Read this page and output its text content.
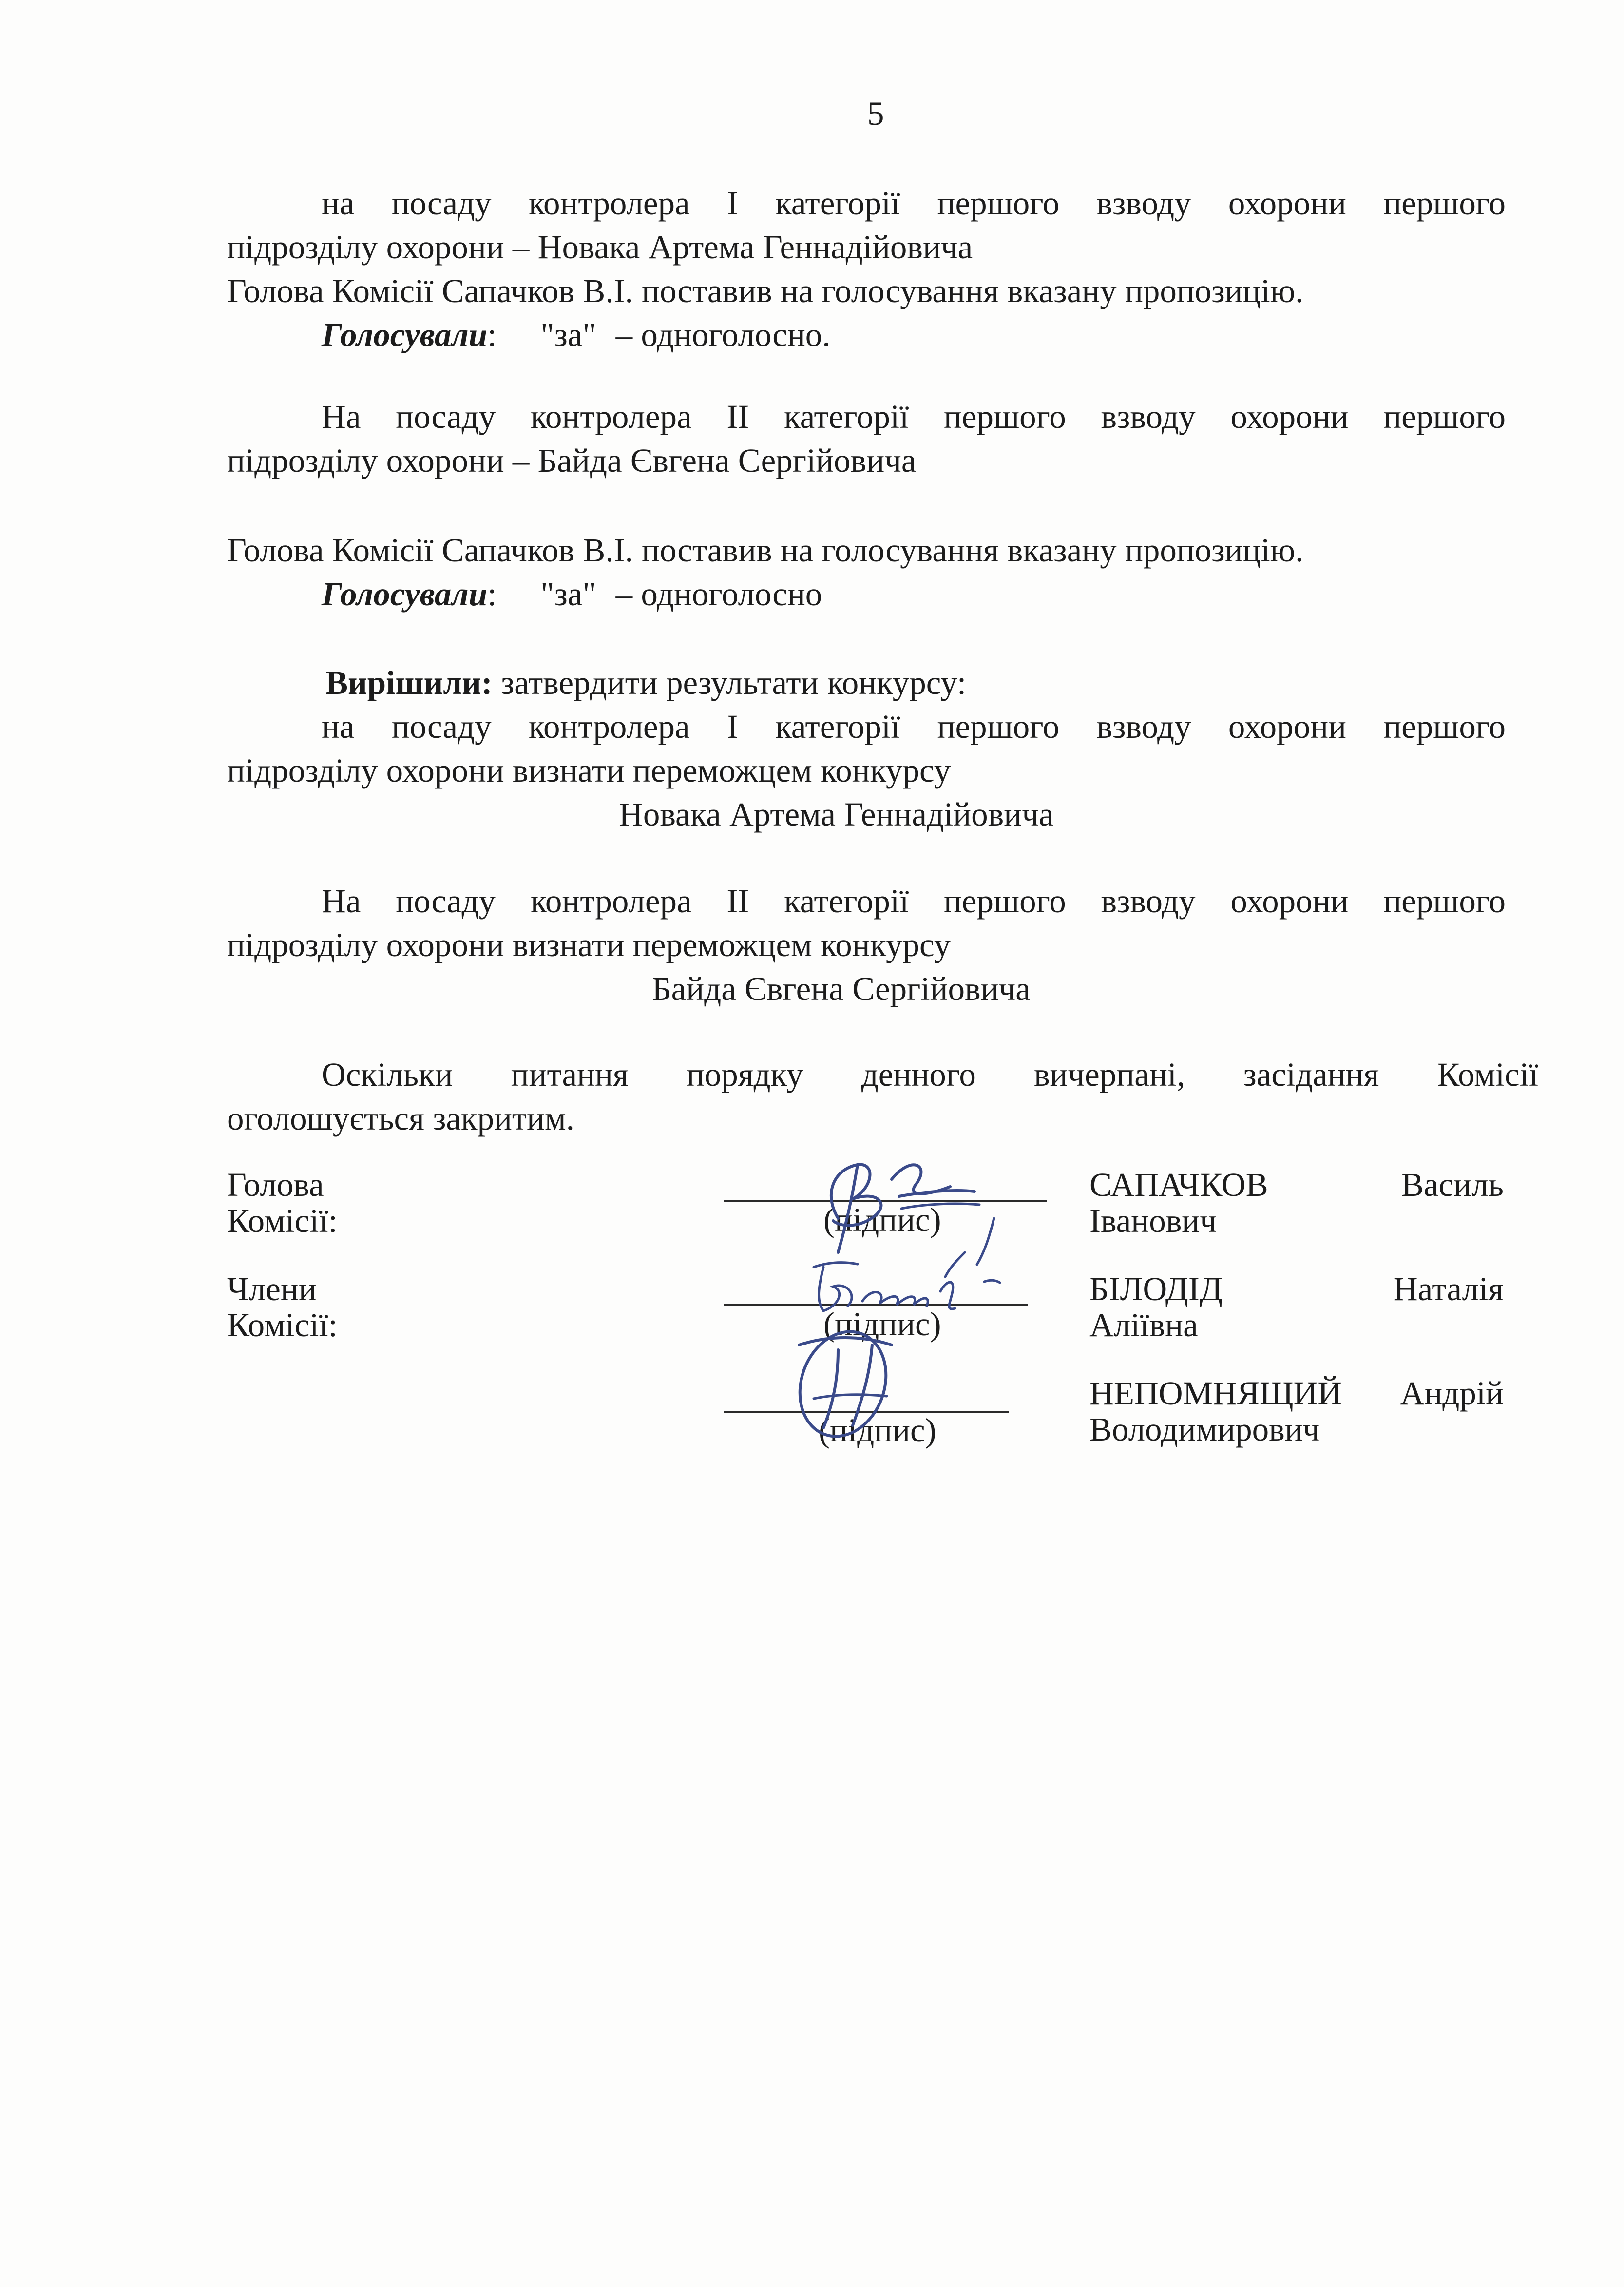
5
на посаду контролера І категорії першого взводу охорони першого
підрозділу охорони – Новака Артема Геннадійовича
Голова Комісії Сапачков В.І. поставив на голосування вказану пропозицію.
Голосували: "за" – одноголосно.
На посаду контролера ІІ категорії першого взводу охорони першого
підрозділу охорони – Байда Євгена Сергійовича
Голова Комісії Сапачков В.І. поставив на голосування вказану пропозицію.
Голосували: "за" – одноголосно
Вирішили: затвердити результати конкурсу:
на посаду контролера І категорії першого взводу охорони першого
підрозділу охорони визнати переможцем конкурсу
Новака Артема Геннадійовича
На посаду контролера ІІ категорії першого взводу охорони першого
підрозділу охорони визнати переможцем конкурсу
Байда Євгена Сергійовича
Оскільки питання порядку денного вичерпані, засідання Комісії
оголошується закритим.
Голова
Комісії:
Члени
Комісії:
(підпис)
(підпис)
(підпис)
САПАЧКОВ	Василь
Іванович
БІЛОДІД	Наталія
Аліївна
НЕПОМНЯЩИЙ Андрій
Володимирович
